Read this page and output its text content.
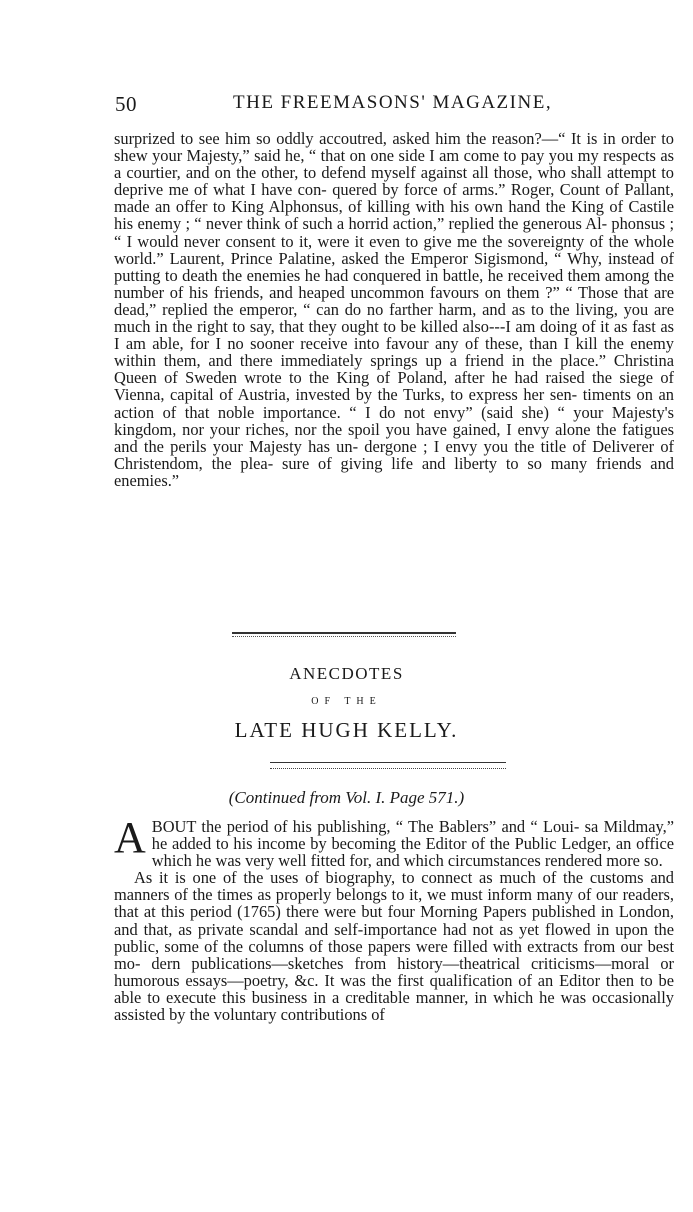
50	THE FREEMASONS' MAGAZINE,

surprized to see him so oddly accoutred, asked him the reason?—“ It is in order to shew your Majesty,” said he, “ that on one side I am come to pay you my respects as a courtier, and on the other, to defend myself against all those, who shall attempt to deprive me of what I have con- quered by force of arms.” Roger, Count of Pallant, made an offer to King Alphonsus, of killing with his own hand the King of Castile his enemy ; “ never think of such a horrid action,” replied the generous Al- phonsus ; “ I would never consent to it, were it even to give me the sovereignty of the whole world.” Laurent, Prince Palatine, asked the Emperor Sigismond, “ Why, instead of putting to death the enemies he had conquered in battle, he received them among the number of his friends, and heaped uncommon favours on them ?” “ Those that are dead,” replied the emperor, “ can do no farther harm, and as to the living, you are much in the right to say, that they ought to be killed also---I am doing of it as fast as I am able, for I no sooner receive into favour any of these, than I kill the enemy within them, and there immediately springs up a friend in the place.” Christina Queen of Sweden wrote to the King of Poland, after he had raised the siege of Vienna, capital of Austria, invested by the Turks, to express her sen- timents on an action of that noble importance. “ I do not envy” (said she) “ your Majesty's kingdom, nor your riches, nor the spoil you have gained, I envy alone the fatigues and the perils your Majesty has un- dergone ; I envy you the title of Deliverer of Christendom, the plea- sure of giving life and liberty to so many friends and enemies.”

ANECDOTES
OF THE
LATE HUGH KELLY.
(Continued from Vol. I. Page 571.)

A BOUT the period of his publishing, “ The Bablers” and “ Loui- sa Mildmay,” he added to his income by becoming the Editor of the Public Ledger, an office which he was very well fitted for, and which circumstances rendered more so.

As it is one of the uses of biography, to connect as much of the customs and manners of the times as properly belongs to it, we must inform many of our readers, that at this period (1765) there were but four Morning Papers published in London, and that, as private scandal and self-importance had not as yet flowed in upon the public, some of the columns of those papers were filled with extracts from our best mo- dern publications—sketches from history—theatrical criticisms—moral or humorous essays—poetry, &c. It was the first qualification of an Editor then to be able to execute this business in a creditable manner, in which he was occasionally assisted by the voluntary contributions of
